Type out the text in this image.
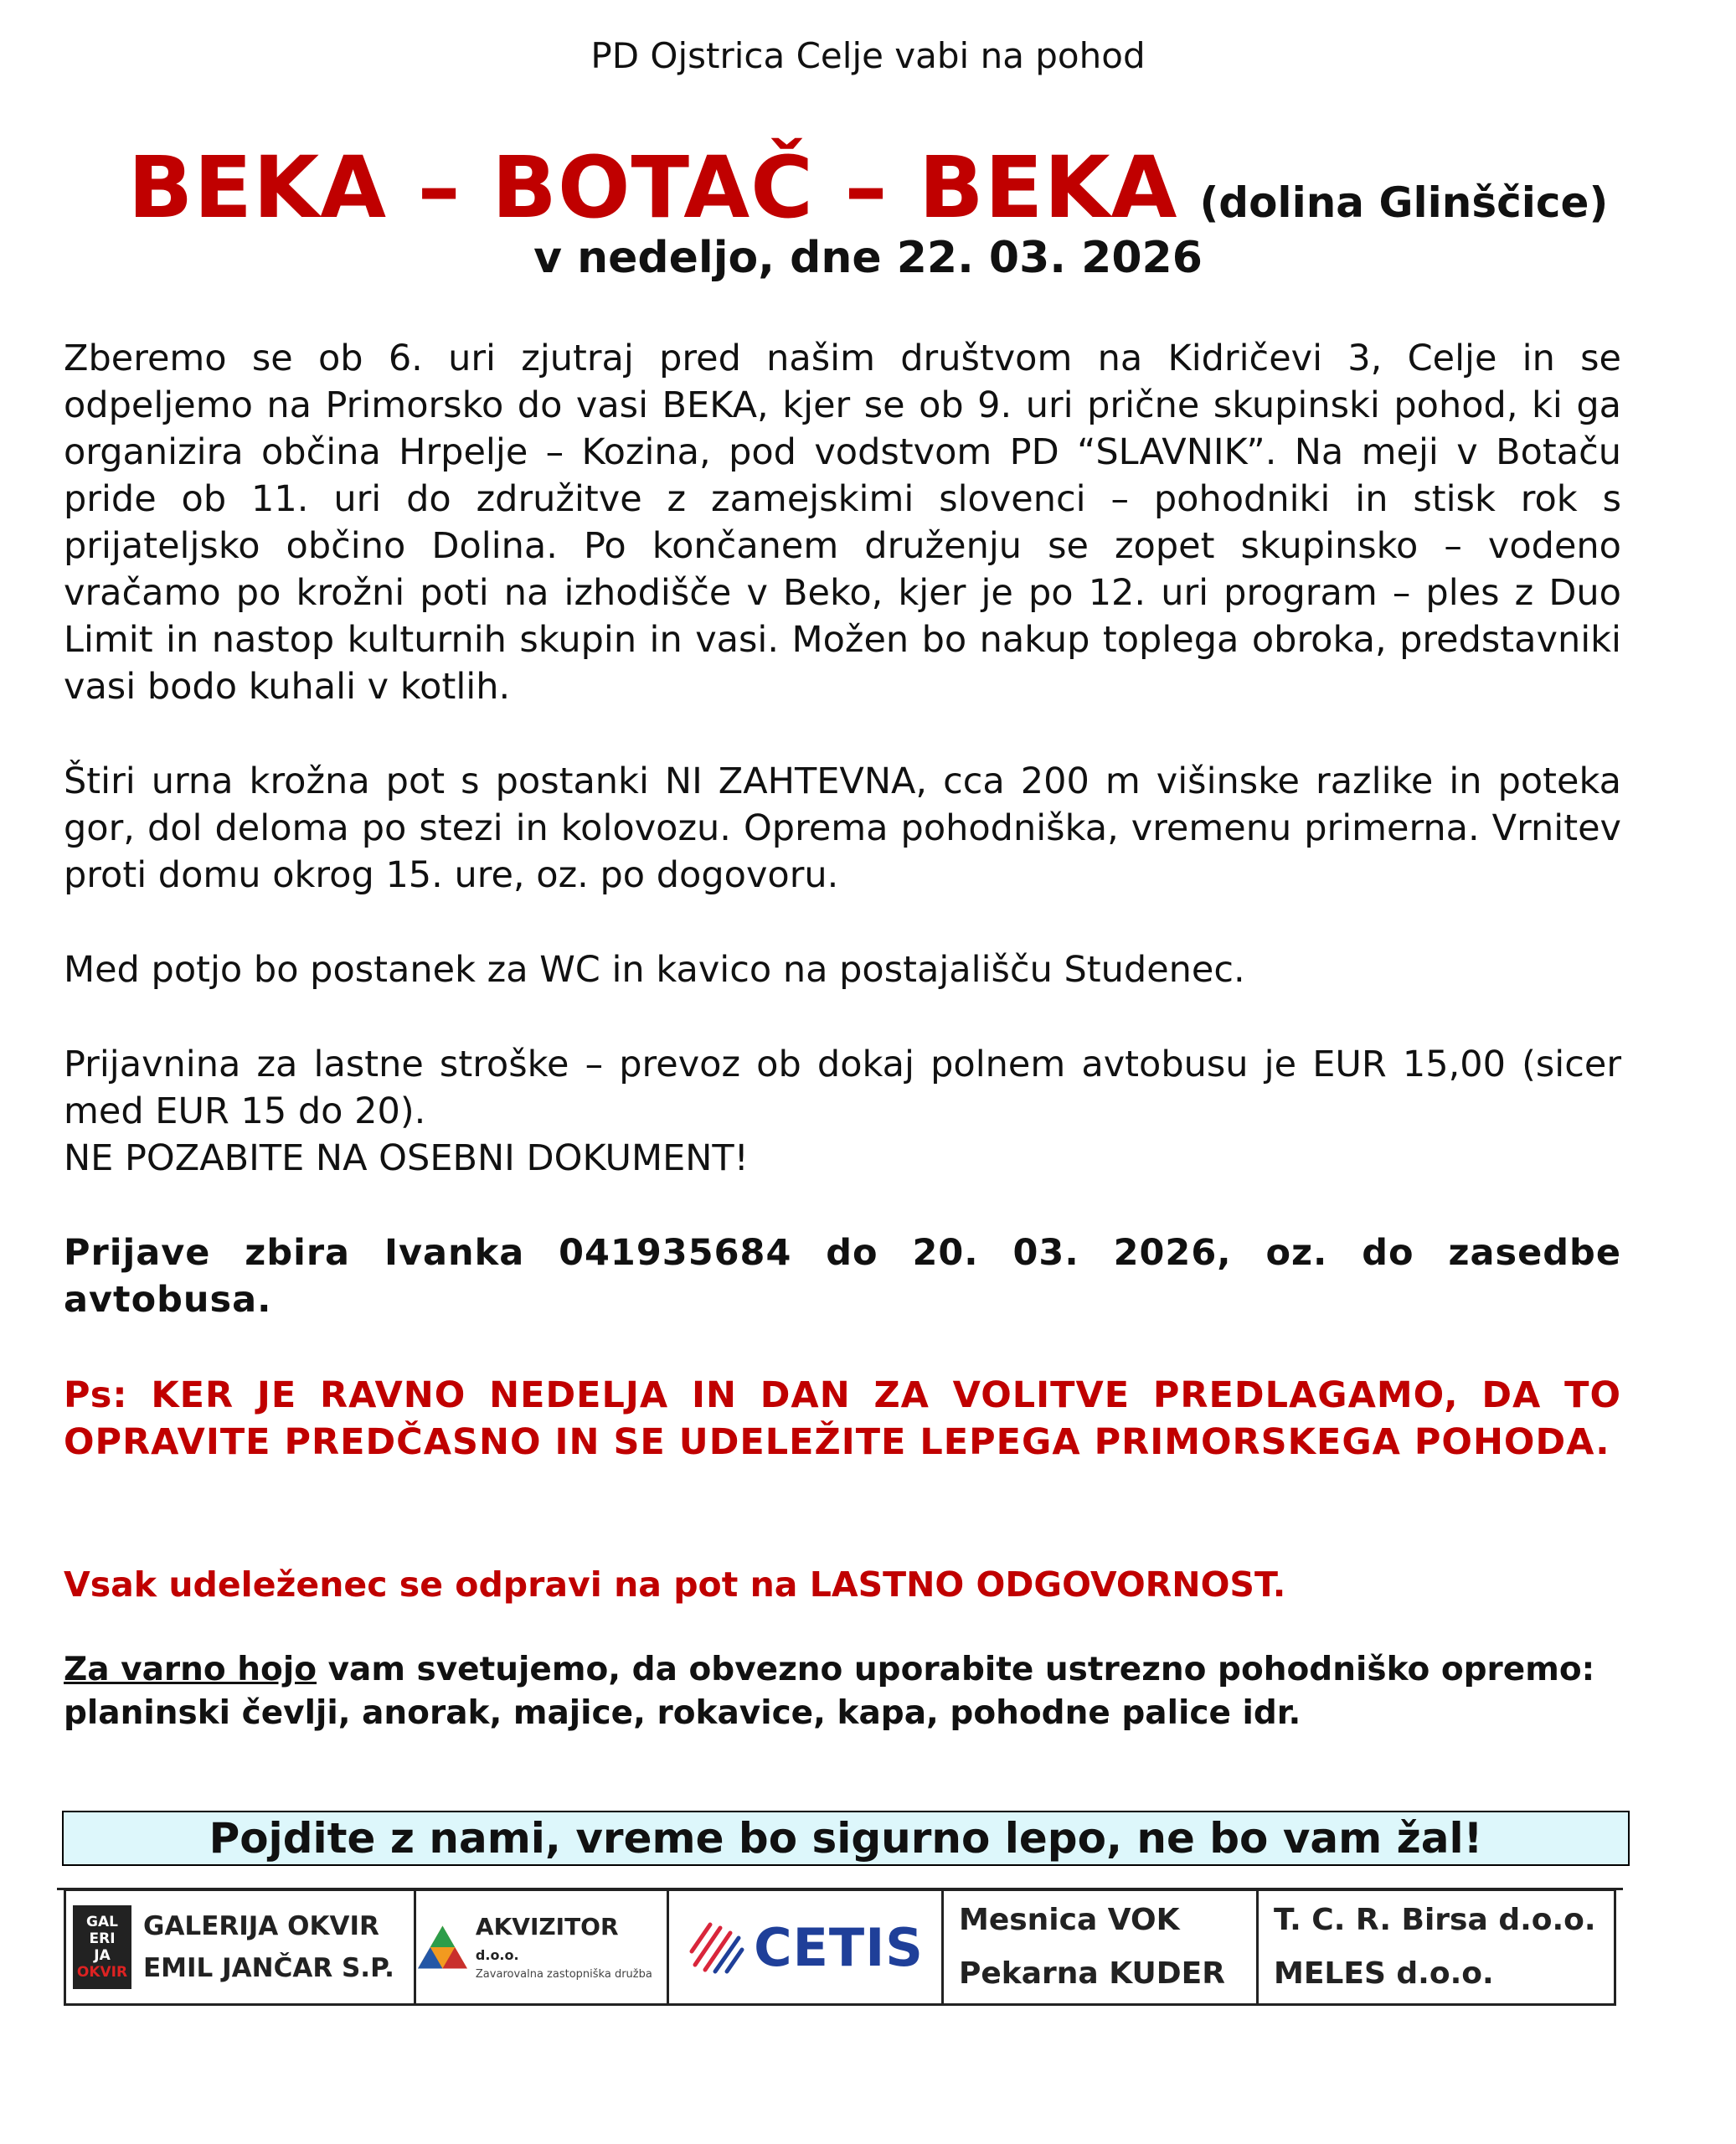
PD Ojstrica Celje vabi na pohod
BEKA – BOTAČ – BEKA (dolina Glinščice)
v nedeljo, dne 22. 03. 2026

Zberemo se ob 6. uri zjutraj pred našim društvom na Kidričevi 3, Celje in se odpeljemo na Primorsko do vasi BEKA, kjer se ob 9. uri prične skupinski pohod, ki ga organizira občina Hrpelje – Kozina, pod vodstvom PD “SLAVNIK”. Na meji v Botaču pride ob 11. uri do združitve z zamejskimi slovenci – pohodniki in stisk rok s prijateljsko občino Dolina. Po končanem druženju se zopet skupinsko – vodeno vračamo po krožni poti na izhodišče v Beko, kjer je po 12. uri program – ples z Duo Limit in nastop kulturnih skupin in vasi. Možen bo nakup toplega obroka, predstavniki vasi bodo kuhali v kotlih.

Štiri urna krožna pot s postanki NI ZAHTEVNA, cca 200 m višinske razlike in poteka gor, dol deloma po stezi in kolovozu. Oprema pohodniška, vremenu primerna. Vrnitev proti domu okrog 15. ure, oz. po dogovoru.

Med potjo bo postanek za WC in kavico na postajališču Studenec.

Prijavnina za lastne stroške – prevoz ob dokaj polnem avtobusu je EUR 15,00 (sicer med EUR 15 do 20).
NE POZABITE NA OSEBNI DOKUMENT!

Prijave zbira Ivanka 041935684 do 20. 03. 2026, oz. do zasedbe avtobusa.

Ps: KER JE RAVNO NEDELJA IN DAN ZA VOLITVE PREDLAGAMO, DA TO OPRAVITE PREDČASNO IN SE UDELEŽITE LEPEGA PRIMORSKEGA POHODA.

Vsak udeleženec se odpravi na pot na LASTNO ODGOVORNOST.

Za varno hojo vam svetujemo, da obvezno uporabite ustrezno pohodniško opremo: planinski čevlji, anorak, majice, rokavice, kapa, pohodne palice idr.

Pojdite z nami, vreme bo sigurno lepo, ne bo vam žal!
GAL
ERI
JA
OKVIR
GALERIJA OKVIR
EMIL JANČAR S.P.
AKVIZITOR d.o.o.
Zavarovalna zastopniška družba CETIS Mesnica VOK
Pekarna KUDER
T. C. R. Birsa d.o.o.
MELES d.o.o.
